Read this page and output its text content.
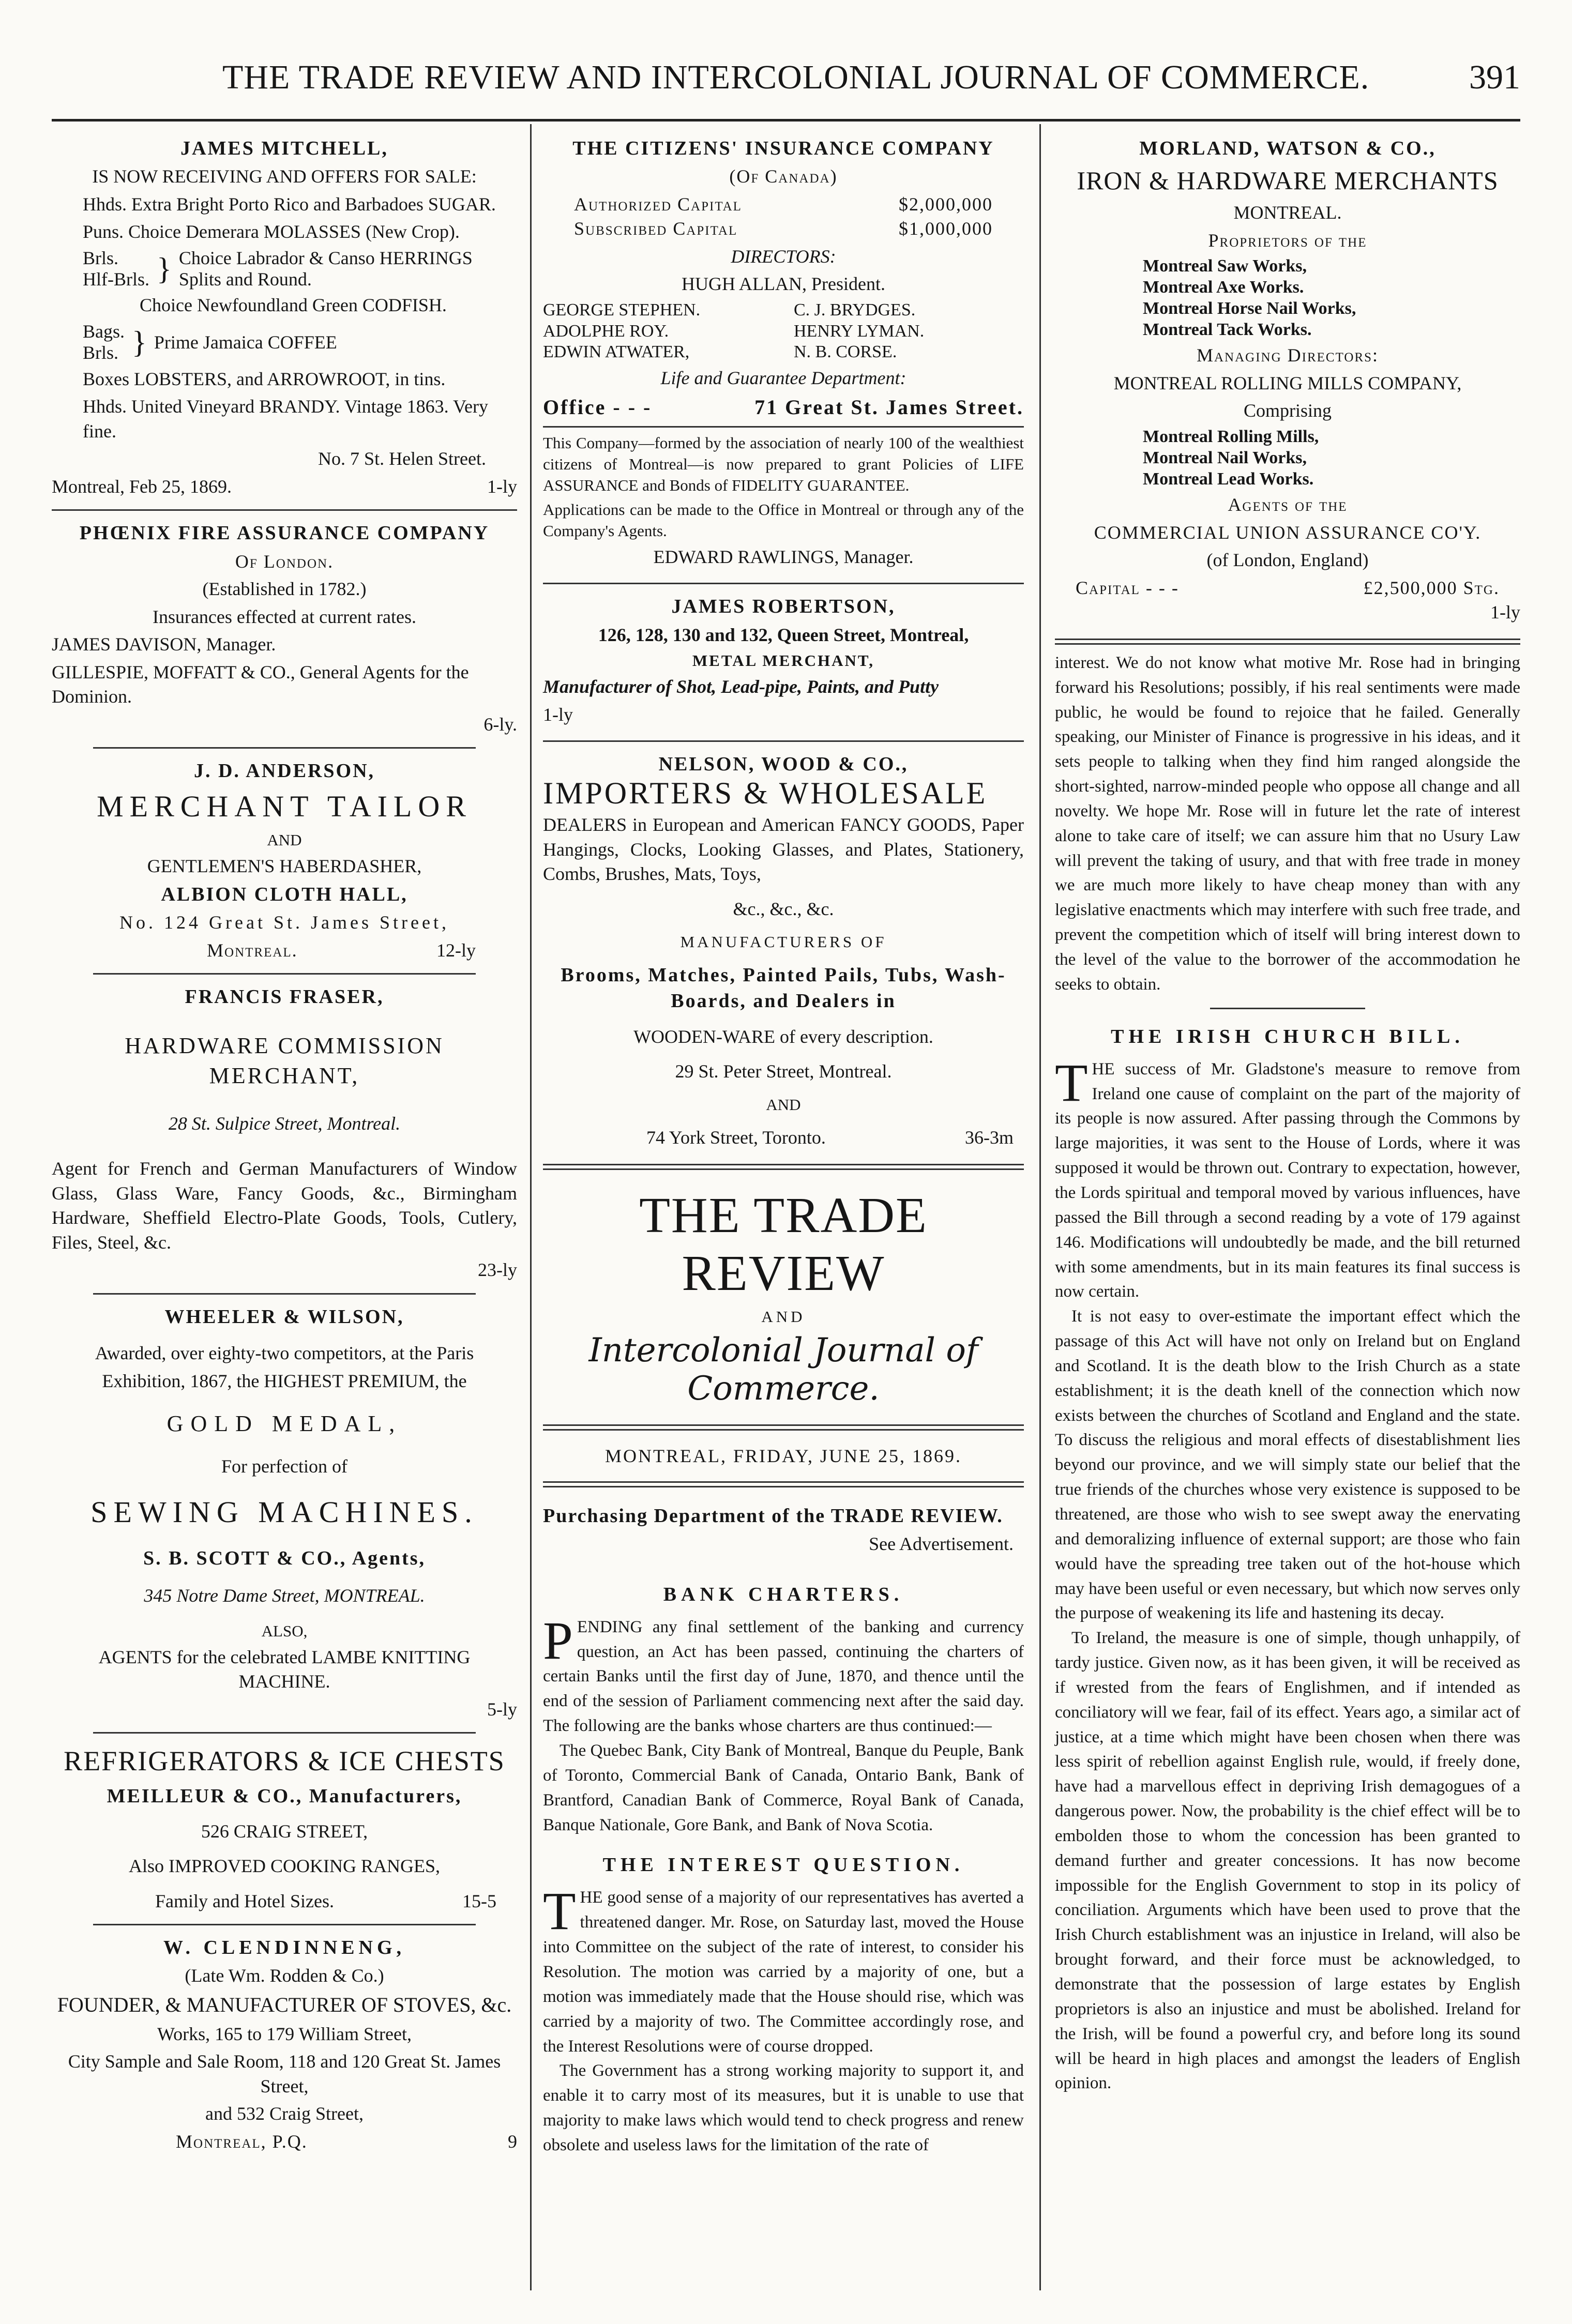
THE TRADE REVIEW AND INTERCOLONIAL JOURNAL OF COMMERCE.	391
JAMES MITCHELL,

IS NOW RECEIVING AND OFFERS FOR SALE:

Hhds. Extra Bright Porto Rico and Barbadoes SUGAR.

Puns. Choice Demerara MOLASSES (New Crop).

Brls.
Hlf-Brls. } Choice Labrador & Canso HERRINGS
Splits and Round.

Choice Newfoundland Green CODFISH.

Bags.
Brls. } Prime Jamaica COFFEE

Boxes LOBSTERS, and ARROWROOT, in tins.

Hhds. United Vineyard BRANDY. Vintage 1863. Very fine.

No. 7 St. Helen Street.

Montreal, Feb 25, 1869.	1-ly
PHŒNIX FIRE ASSURANCE COMPANY

Of London.

(Established in 1782.)

Insurances effected at current rates.

JAMES DAVISON, Manager.

GILLESPIE, MOFFATT & CO., General Agents for the Dominion.

6-ly.
J. D. ANDERSON,

MERCHANT TAILOR

AND

GENTLEMEN'S HABERDASHER,

ALBION CLOTH HALL,

No. 124 Great St. James Street,

Montreal.	12-ly
FRANCIS FRASER,

HARDWARE COMMISSION MERCHANT,

28 St. Sulpice Street, Montreal.

Agent for French and German Manufacturers of Window Glass, Glass Ware, Fancy Goods, &c., Birmingham Hardware, Sheffield Electro-Plate Goods, Tools, Cutlery, Files, Steel, &c.

23-ly
WHEELER & WILSON,

Awarded, over eighty-two competitors, at the Paris

Exhibition, 1867, the HIGHEST PREMIUM, the

GOLD MEDAL,

For perfection of

SEWING MACHINES.

S. B. SCOTT & CO., Agents,

345 Notre Dame Street, MONTREAL.

ALSO,

AGENTS for the celebrated LAMBE KNITTING MACHINE.

5-ly
REFRIGERATORS & ICE CHESTS

MEILLEUR & CO., Manufacturers,

526 CRAIG STREET,

Also IMPROVED COOKING RANGES,

Family and Hotel Sizes.	15-5
W. CLENDINNENG,

(Late Wm. Rodden & Co.)

FOUNDER, & MANUFACTURER OF STOVES, &c.

Works, 165 to 179 William Street,

City Sample and Sale Room, 118 and 120 Great St. James Street,

and 532 Craig Street,

Montreal, P.Q.	9
THE CITIZENS' INSURANCE COMPANY

(Of Canada)

Authorized Capital	$2,000,000
Subscribed Capital	$1,000,000

DIRECTORS:

HUGH ALLAN, President.

GEORGE STEPHEN.	C. J. BRYDGES.
ADOLPHE ROY.	HENRY LYMAN.
EDWIN ATWATER,	N. B. CORSE.

Life and Guarantee Department:

Office - - -	71 Great St. James Street.

This Company—formed by the association of nearly 100 of the wealthiest citizens of Montreal—is now prepared to grant Policies of LIFE ASSURANCE and Bonds of FIDELITY GUARANTEE.

Applications can be made to the Office in Montreal or through any of the Company's Agents.

EDWARD RAWLINGS, Manager.

JAMES ROBERTSON,

126, 128, 130 and 132, Queen Street, Montreal,

METAL MERCHANT,

Manufacturer of Shot, Lead-pipe, Paints, and Putty

1-ly

NELSON, WOOD & CO.,
IMPORTERS & WHOLESALE

DEALERS in European and American FANCY GOODS, Paper Hangings, Clocks, Looking Glasses, and Plates, Stationery, Combs, Brushes, Mats, Toys,

&c., &c., &c.

MANUFACTURERS OF

Brooms, Matches, Painted Pails, Tubs, Wash-Boards, and Dealers in

WOODEN-WARE of every description.

29 St. Peter Street, Montreal.

AND

74 York Street, Toronto.	36-3m
THE TRADE REVIEW
AND
Intercolonial Journal of Commerce.
MONTREAL, FRIDAY, JUNE 25, 1869.

Purchasing Department of the TRADE REVIEW.

See Advertisement.

BANK CHARTERS.

PENDING any final settlement of the banking and currency question, an Act has been passed, continuing the charters of certain Banks until the first day of June, 1870, and thence until the end of the session of Parliament commencing next after the said day. The following are the banks whose charters are thus continued:—

The Quebec Bank, City Bank of Montreal, Banque du Peuple, Bank of Toronto, Commercial Bank of Canada, Ontario Bank, Bank of Brantford, Canadian Bank of Commerce, Royal Bank of Canada, Banque Nationale, Gore Bank, and Bank of Nova Scotia.

THE INTEREST QUESTION.

THE good sense of a majority of our representatives has averted a threatened danger. Mr. Rose, on Saturday last, moved the House into Committee on the subject of the rate of interest, to consider his Resolution. The motion was carried by a majority of one, but a motion was immediately made that the House should rise, which was carried by a majority of two. The Committee accordingly rose, and the Interest Resolutions were of course dropped.

The Government has a strong working majority to support it, and enable it to carry most of its measures, but it is unable to use that majority to make laws which would tend to check progress and renew obsolete and useless laws for the limitation of the rate of

MORLAND, WATSON & CO.,

IRON & HARDWARE MERCHANTS

MONTREAL.

Proprietors of the

Montreal Saw Works,
Montreal Axe Works.
Montreal Horse Nail Works,
Montreal Tack Works.

Managing Directors:

MONTREAL ROLLING MILLS COMPANY,

Comprising

Montreal Rolling Mills,
Montreal Nail Works,
Montreal Lead Works.

Agents of the

COMMERCIAL UNION ASSURANCE CO'Y.

(of London, England)

Capital - - -	£2,500,000 Stg.
1-ly

interest. We do not know what motive Mr. Rose had in bringing forward his Resolutions; possibly, if his real sentiments were made public, he would be found to rejoice that he failed. Generally speaking, our Minister of Finance is progressive in his ideas, and it sets people to talking when they find him ranged alongside the short-sighted, narrow-minded people who oppose all change and all novelty. We hope Mr. Rose will in future let the rate of interest alone to take care of itself; we can assure him that no Usury Law will prevent the taking of usury, and that with free trade in money we are much more likely to have cheap money than with any legislative enactments which may interfere with such free trade, and prevent the competition which of itself will bring interest down to the level of the value to the borrower of the accommodation he seeks to obtain.

THE IRISH CHURCH BILL.

THE success of Mr. Gladstone's measure to remove from Ireland one cause of complaint on the part of the majority of its people is now assured. After passing through the Commons by large majorities, it was sent to the House of Lords, where it was supposed it would be thrown out. Contrary to expectation, however, the Lords spiritual and temporal moved by various influences, have passed the Bill through a second reading by a vote of 179 against 146. Modifications will undoubtedly be made, and the bill returned with some amendments, but in its main features its final success is now certain.

It is not easy to over-estimate the important effect which the passage of this Act will have not only on Ireland but on England and Scotland. It is the death blow to the Irish Church as a state establishment; it is the death knell of the connection which now exists between the churches of Scotland and England and the state. To discuss the religious and moral effects of disestablishment lies beyond our province, and we will simply state our belief that the true friends of the churches whose very existence is supposed to be threatened, are those who wish to see swept away the enervating and demoralizing influence of external support; are those who fain would have the spreading tree taken out of the hot-house which may have been useful or even necessary, but which now serves only the purpose of weakening its life and hastening its decay.

To Ireland, the measure is one of simple, though unhappily, of tardy justice. Given now, as it has been given, it will be received as if wrested from the fears of Englishmen, and if intended as conciliatory will we fear, fail of its effect. Years ago, a similar act of justice, at a time which might have been chosen when there was less spirit of rebellion against English rule, would, if freely done, have had a marvellous effect in depriving Irish demagogues of a dangerous power. Now, the probability is the chief effect will be to embolden those to whom the concession has been granted to demand further and greater concessions. It has now become impossible for the English Government to stop in its policy of conciliation. Arguments which have been used to prove that the Irish Church establishment was an injustice in Ireland, will also be brought forward, and their force must be acknowledged, to demonstrate that the possession of large estates by English proprietors is also an injustice and must be abolished. Ireland for the Irish, will be found a powerful cry, and before long its sound will be heard in high places and amongst the leaders of English opinion.
